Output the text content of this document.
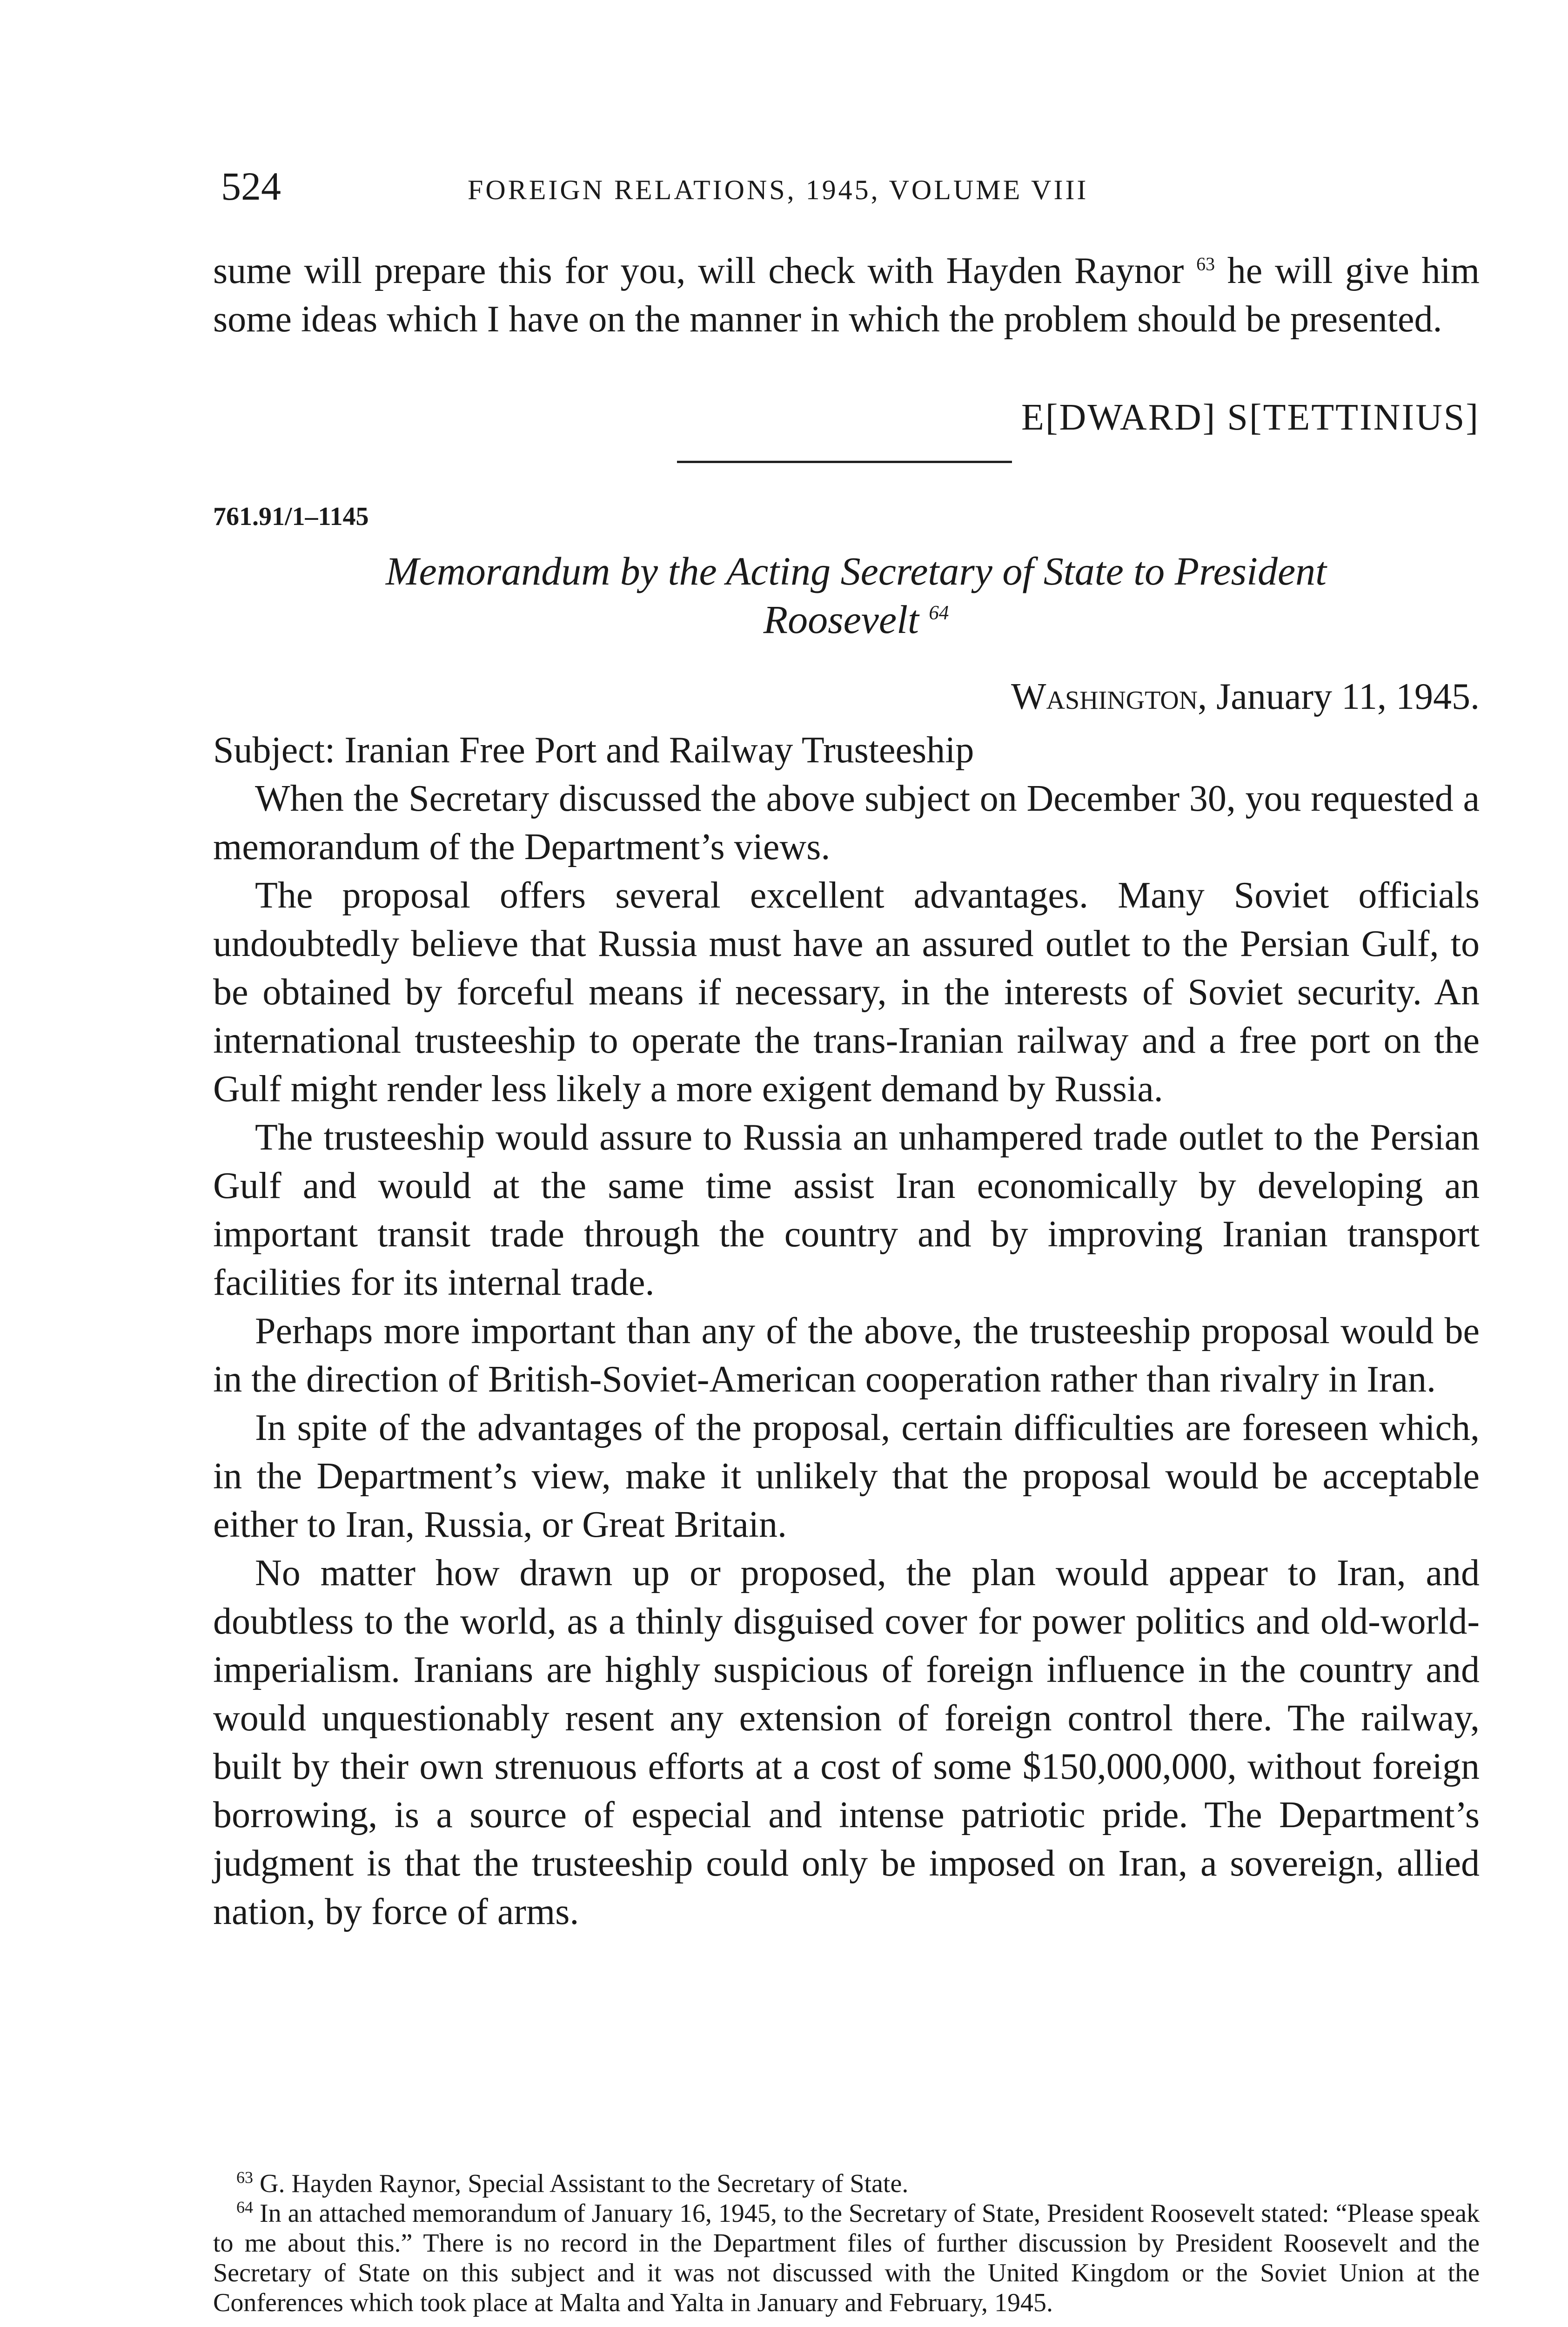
524	FOREIGN RELATIONS, 1945, VOLUME VIII

sume will prepare this for you, will check with Hayden Raynor $^{63}$ he will give him some ideas which I have on the manner in which the problem should be presented.

E[DWARD] S[TETTINIUS]
761.91/1–1145
Memorandum by the Acting Secretary of State to President Roosevelt $^{64}$
Washington, January 11, 1945.

Subject: Iranian Free Port and Railway Trusteeship

When the Secretary discussed the above subject on December 30, you requested a memorandum of the Department’s views.

The proposal offers several excellent advantages. Many Soviet officials undoubtedly believe that Russia must have an assured outlet to the Persian Gulf, to be obtained by forceful means if necessary, in the interests of Soviet security. An international trusteeship to operate the trans-Iranian railway and a free port on the Gulf might render less likely a more exigent demand by Russia.

The trusteeship would assure to Russia an unhampered trade outlet to the Persian Gulf and would at the same time assist Iran economically by developing an important transit trade through the country and by improving Iranian transport facilities for its internal trade.

Perhaps more important than any of the above, the trusteeship proposal would be in the direction of British-Soviet-American cooperation rather than rivalry in Iran.

In spite of the advantages of the proposal, certain difficulties are foreseen which, in the Department’s view, make it unlikely that the proposal would be acceptable either to Iran, Russia, or Great Britain.

No matter how drawn up or proposed, the plan would appear to Iran, and doubtless to the world, as a thinly disguised cover for power politics and old-world-imperialism. Iranians are highly suspicious of foreign influence in the country and would unquestionably resent any extension of foreign control there. The railway, built by their own strenuous efforts at a cost of some $150,000,000, without foreign borrowing, is a source of especial and intense patriotic pride. The Department’s judgment is that the trusteeship could only be imposed on Iran, a sovereign, allied nation, by force of arms.

$^{63}$ G. Hayden Raynor, Special Assistant to the Secretary of State.

$^{64}$ In an attached memorandum of January 16, 1945, to the Secretary of State, President Roosevelt stated: “Please speak to me about this.” There is no record in the Department files of further discussion by President Roosevelt and the Secretary of State on this subject and it was not discussed with the United Kingdom or the Soviet Union at the Conferences which took place at Malta and Yalta in January and February, 1945.
